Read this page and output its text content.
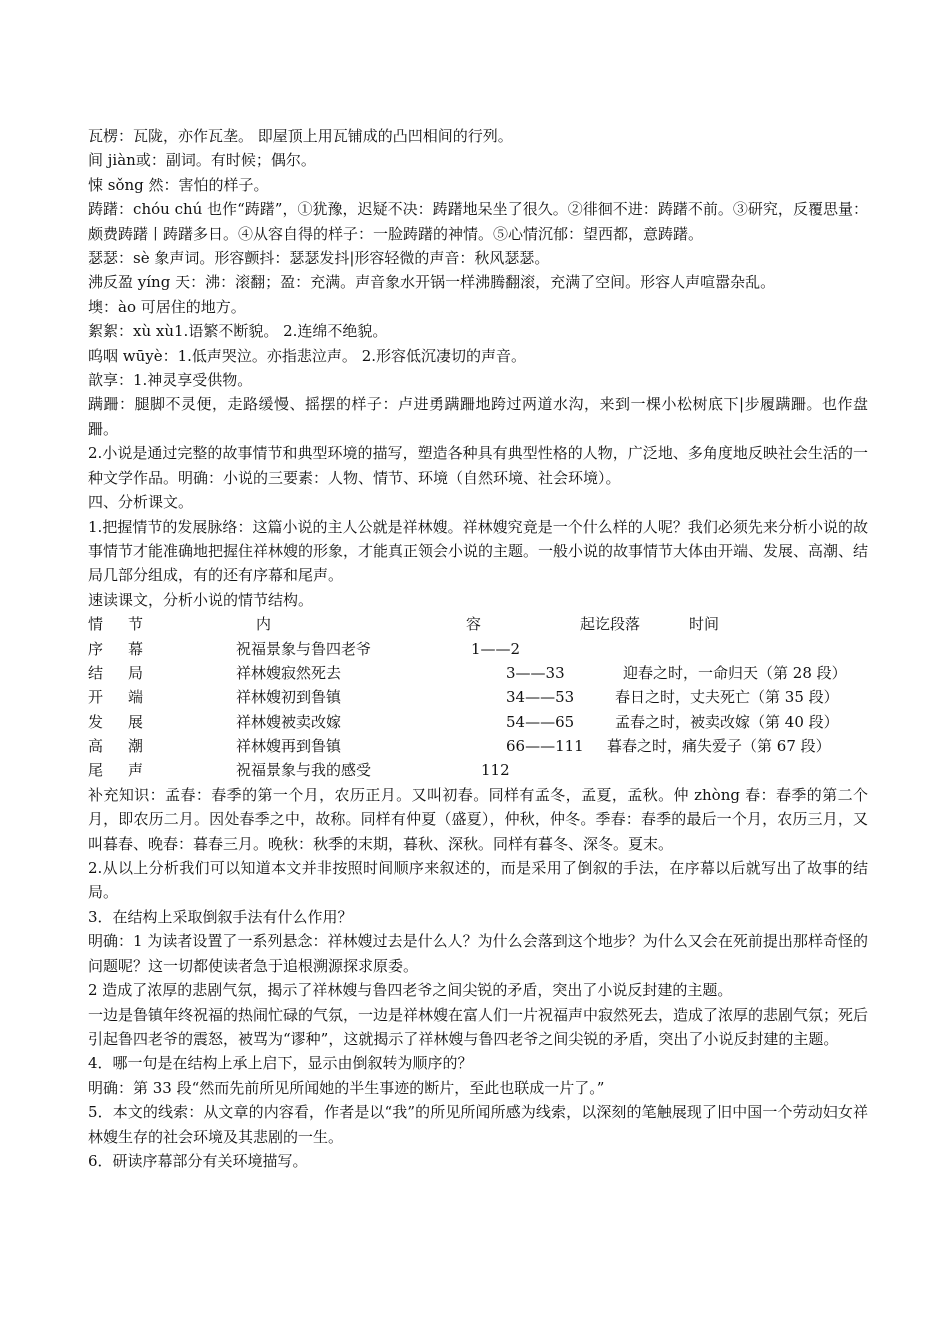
瓦楞：瓦陇，亦作瓦垄。 即屋顶上用瓦铺成的凸凹相间的行列。
间 jiàn或：副词。有时候；偶尔。
悚 sǒng 然：害怕的样子。
踌躇：chóu chú 也作“踌躇”，①犹豫，迟疑不决：踌躇地呆坐了很久。②徘徊不进：踌躇不前。③研究，反覆思量：颇费踌躇丨踌躇多日。④从容自得的样子：一脸踌躇的神情。⑤心情沉郁：望西都，意踌躇。
瑟瑟：sè 象声词。形容颤抖：瑟瑟发抖|形容轻微的声音：秋风瑟瑟。
沸反盈 yíng 天：沸：滚翻；盈：充满。声音象水开锅一样沸腾翻滚，充满了空间。形容人声喧嚣杂乱。
墺：ào 可居住的地方。
絮絮：xù xù1.语繁不断貌。 2.连绵不绝貌。
呜咽 wūyè：1.低声哭泣。亦指悲泣声。 2.形容低沉凄切的声音。
歆享：1.神灵享受供物。
蹒跚：腿脚不灵便，走路缓慢、摇摆的样子：卢进勇蹒跚地跨过两道水沟，来到一棵小松树底下|步履蹒跚。也作盘跚。
2.小说是通过完整的故事情节和典型环境的描写，塑造各种具有典型性格的人物，广泛地、多角度地反映社会生活的一种文学作品。明确：小说的三要素：人物、情节、环境（自然环境、社会环境）。
四、分析课文。
1.把握情节的发展脉络：这篇小说的主人公就是祥林嫂。祥林嫂究竟是一个什么样的人呢？我们必须先来分析小说的故事情节才能准确地把握住祥林嫂的形象，才能真正领会小说的主题。一般小说的故事情节大体由开端、发展、高潮、结局几部分组成，有的还有序幕和尾声。
速读课文，分析小说的情节结构。
情 节	内	容	起讫段落	时间
序 幕	祝福景象与鲁四老爷	1——2
结 局	祥林嫂寂然死去	3——33	迎春之时，一命归天（第 28 段）
开 端	祥林嫂初到鲁镇	34——53	春日之时，丈夫死亡（第 35 段）
发 展	祥林嫂被卖改嫁	54——65	孟春之时，被卖改嫁（第 40 段）
高 潮	祥林嫂再到鲁镇	66——111 暮春之时，痛失爱子（第 67 段）
尾 声	祝福景象与我的感受	112
补充知识：孟春：春季的第一个月，农历正月。又叫初春。同样有孟冬，孟夏，孟秋。仲 zhòng 春：春季的第二个月，即农历二月。因处春季之中，故称。同样有仲夏（盛夏），仲秋，仲冬。季春：春季的最后一个月，农历三月，又叫暮春、晚春：暮春三月。晚秋：秋季的末期，暮秋、深秋。同样有暮冬、深冬。夏末。
2.从以上分析我们可以知道本文并非按照时间顺序来叙述的，而是采用了倒叙的手法，在序幕以后就写出了故事的结局。
3．在结构上采取倒叙手法有什么作用？
明确：1 为读者设置了一系列悬念：祥林嫂过去是什么人？为什么会落到这个地步？为什么又会在死前提出那样奇怪的问题呢？这一切都使读者急于追根溯源探求原委。
2 造成了浓厚的悲剧气氛，揭示了祥林嫂与鲁四老爷之间尖锐的矛盾，突出了小说反封建的主题。
一边是鲁镇年终祝福的热闹忙碌的气氛，一边是祥林嫂在富人们一片祝福声中寂然死去，造成了浓厚的悲剧气氛；死后引起鲁四老爷的震怒，被骂为“谬种”，这就揭示了祥林嫂与鲁四老爷之间尖锐的矛盾，突出了小说反封建的主题。
4．哪一句是在结构上承上启下，显示由倒叙转为顺序的？
明确：第 33 段“然而先前所见所闻她的半生事迹的断片，至此也联成一片了。”
5．本文的线索：从文章的内容看，作者是以“我”的所见所闻所感为线索，以深刻的笔触展现了旧中国一个劳动妇女祥林嫂生存的社会环境及其悲剧的一生。
6．研读序幕部分有关环境描写。
